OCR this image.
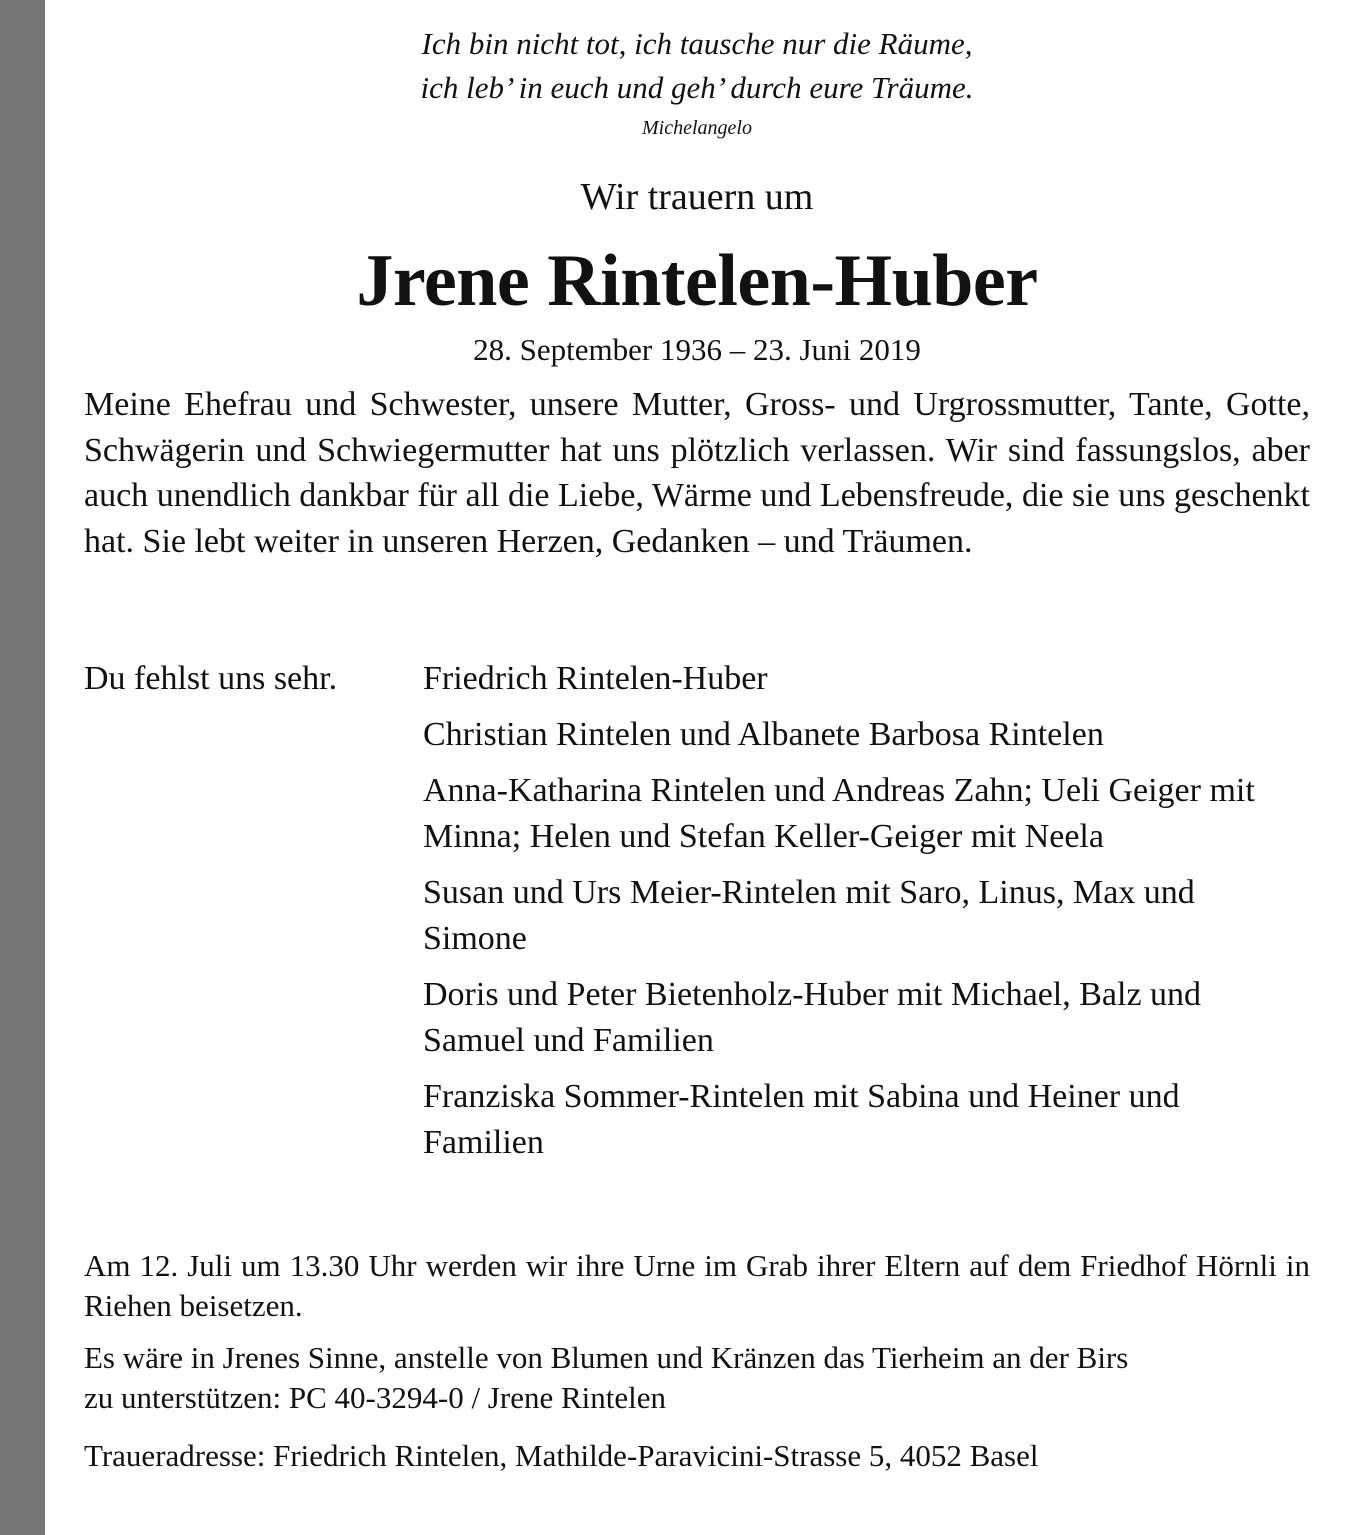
Ich bin nicht tot, ich tausche nur die Räume,
ich leb’ in euch und geh’ durch eure Träume.
Michelangelo
Wir trauern um
Jrene Rintelen-Huber
28. September 1936 – 23. Juni 2019
Meine Ehefrau und Schwester, unsere Mutter, Gross- und Urgrossmutter, Tante, Gotte, Schwägerin und Schwiegermutter hat uns plötzlich verlassen. Wir sind fassungslos, aber auch unendlich dankbar für all die Liebe, Wärme und Lebensfreude, die sie uns geschenkt hat. Sie lebt weiter in unseren Herzen, Gedanken – und Träumen.
Du fehlst uns sehr.	Friedrich Rintelen-Huber
Christian Rintelen und Albanete Barbosa Rintelen
Anna-Katharina Rintelen und Andreas Zahn; Ueli Geiger mit Minna; Helen und Stefan Keller-Geiger mit Neela
Susan und Urs Meier-Rintelen mit Saro, Linus, Max und Simone
Doris und Peter Bietenholz-Huber mit Michael, Balz und Samuel und Familien
Franziska Sommer-Rintelen mit Sabina und Heiner und Familien
Am 12. Juli um 13.30 Uhr werden wir ihre Urne im Grab ihrer Eltern auf dem Friedhof Hörnli in Riehen beisetzen.
Es wäre in Jrenes Sinne, anstelle von Blumen und Kränzen das Tierheim an der Birs
zu unterstützen: PC 40-3294-0 / Jrene Rintelen
Traueradresse: Friedrich Rintelen, Mathilde-Paravicini-Strasse 5, 4052 Basel
